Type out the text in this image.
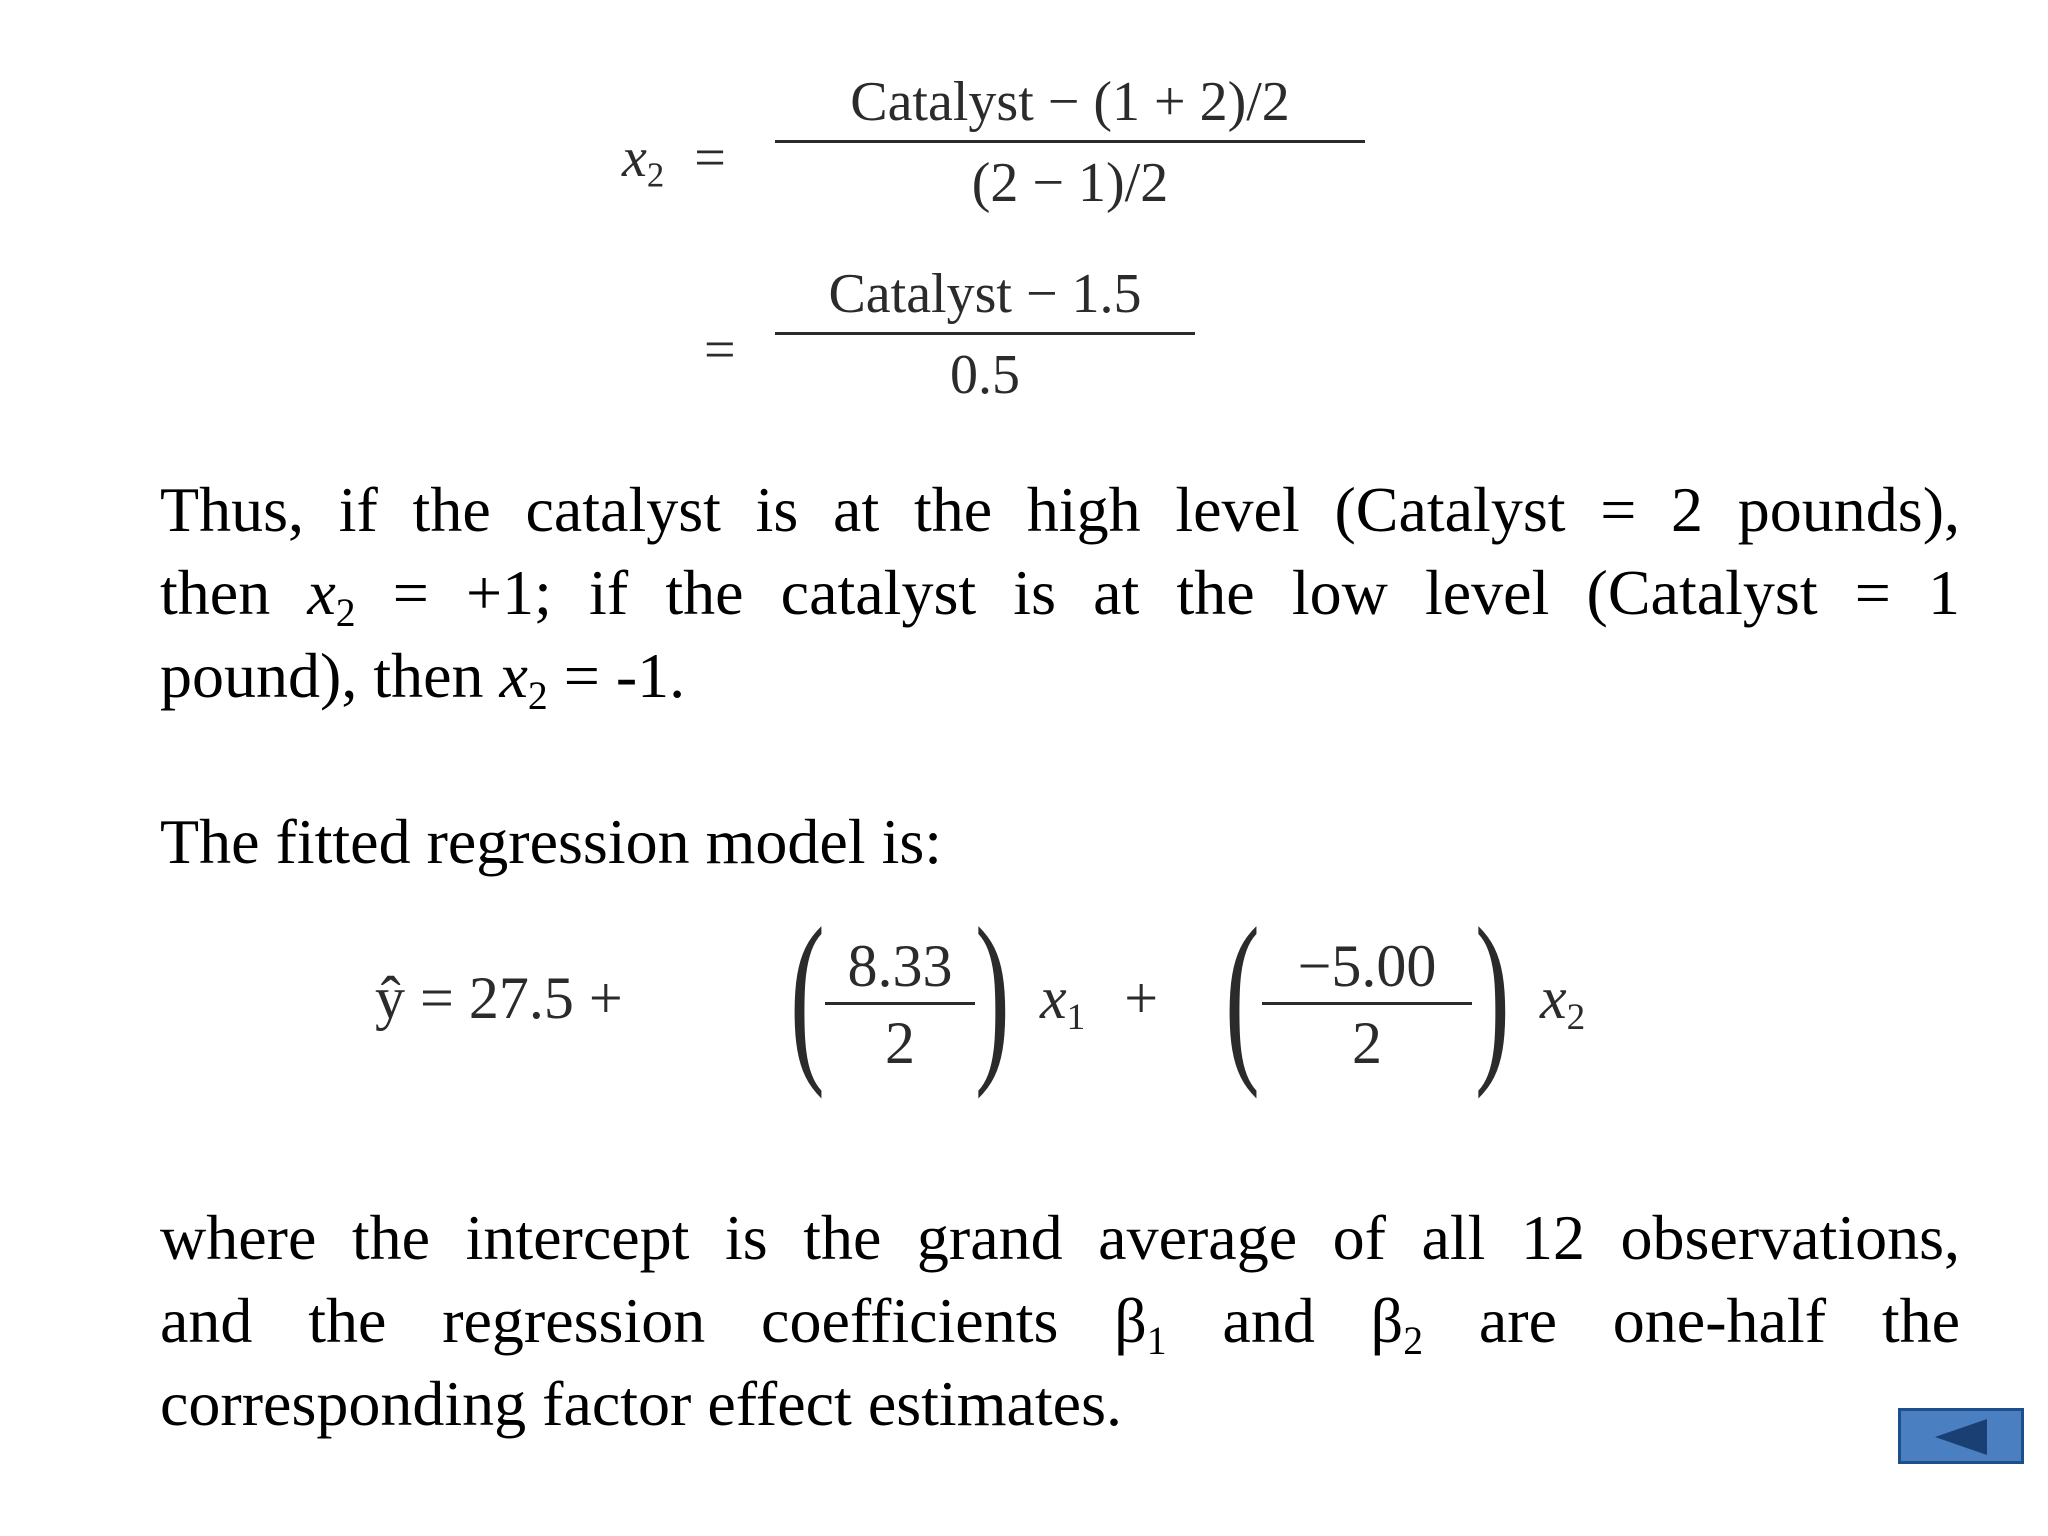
$x_2$ =
Catalyst − (1 + 2)/2
(2 − 1)/2
=
Catalyst − 1.5
0.5
Thus, if the catalyst is at the high level (Catalyst = 2 pounds),
then $x_2 = +1$; if the catalyst is at the low level (Catalyst = 1
pound), then $x_2 = -1$.
The fitted regression model is:
ŷ = 27.5 + ( 8.33
2 ) $x_1$ + ( −5.00
2 ) $x_2$
where the intercept is the grand average of all 12 observations,
and the regression coefficients $\beta_1$ and $\beta_2$ are one-half the
corresponding factor effect estimates.
